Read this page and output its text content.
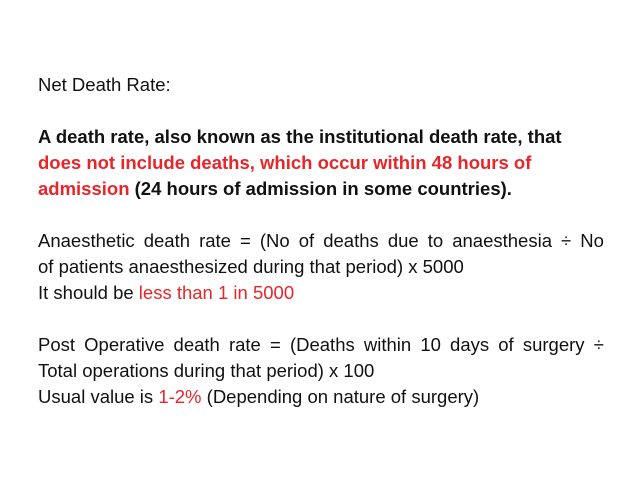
Net Death Rate:
A death rate, also known as the institutional death rate, that
does not include deaths, which occur within 48 hours of
admission (24 hours of admission in some countries).
Anaesthetic death rate = (No of deaths due to anaesthesia ÷ No
of patients anaesthesized during that period) x 5000
It should be less than 1 in 5000
Post Operative death rate = (Deaths within 10 days of surgery ÷
Total operations during that period) x 100
Usual value is 1-2% (Depending on nature of surgery)
